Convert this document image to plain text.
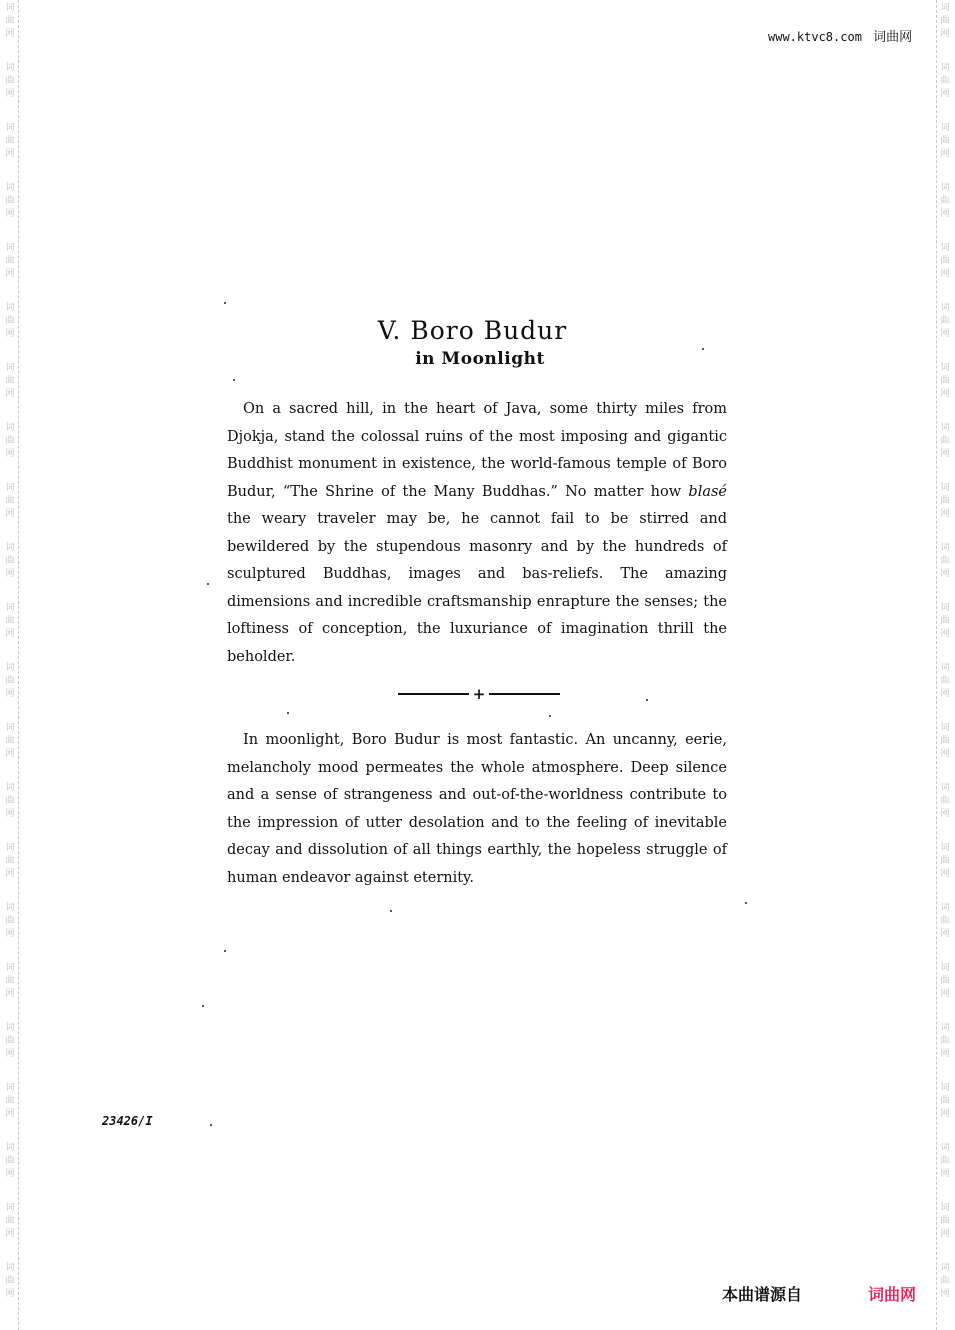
词
曲
网
词
曲
网
词
曲
网
词
曲
网
词
曲
网
词
曲
网
词
曲
网
词
曲
网
词
曲
网
词
曲
网
词
曲
网
词
曲
网
词
曲
网
词
曲
网
词
曲
网
词
曲
网
词
曲
网
词
曲
网
词
曲
网
词
曲
网
词
曲
网
词
曲
网
词
曲
网
词
曲
网
词
曲
网
词
曲
网
词
曲
网
词
曲
网
词
曲
网
词
曲
网
词
曲
网
词
曲
网
词
曲
网
词
曲
网
词
曲
网
词
曲
网
词
曲
网
词
曲
网
词
曲
网
词
曲
网
词
曲
网
词
曲
网
词
曲
网
词
曲
网
www.ktvc8.com 词曲网
V. Boro Budur
in Moonlight

On a sacred hill, in the heart of Java, some thirty miles from Djokja, stand the colossal ruins of the most imposing and gigantic Buddhist monument in existence, the world-famous temple of Boro Budur, “The Shrine of the Many Buddhas.” No matter how blasé the weary traveler may be, he cannot fail to be stirred and bewildered by the stupendous masonry and by the hundreds of sculptured Buddhas, images and bas-reliefs. The amazing dimensions and incredible craftsmanship enrapture the senses; the loftiness of conception, the luxuriance of imagination thrill the beholder.

+

In moonlight, Boro Budur is most fantastic. An uncanny, eerie, melancholy mood permeates the whole atmosphere. Deep silence and a sense of strangeness and out-of-the-worldness contribute to the impression of utter desolation and to the feeling of inevitable decay and dissolution of all things earthly, the hopeless struggle of human endeavor against eternity.

23426/I
本曲谱源自	词曲网
